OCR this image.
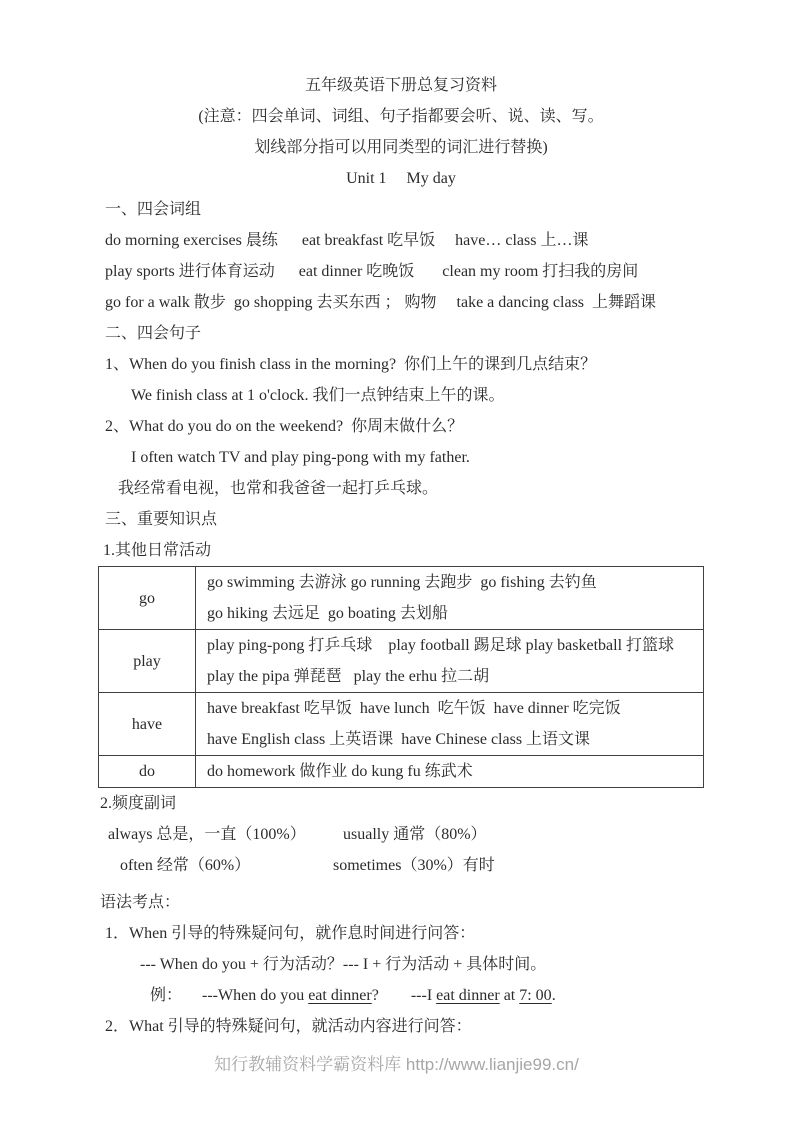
五年级英语下册总复习资料
(注意：四会单词、词组、句子指都要会听、说、读、写。
划线部分指可以用同类型的词汇进行替换)
Unit 1　 My day
一、四会词组
do morning exercises 晨练      eat breakfast 吃早饭     have… class 上…课
play sports 进行体育运动      eat dinner 吃晚饭       clean my room 打扫我的房间
go for a walk 散步  go shopping 去买东西 ； 购物     take a dancing class  上舞蹈课
二、四会句子
1、When do you finish class in the morning?  你们上午的课到几点结束？
We finish class at 1 o'clock. 我们一点钟结束上午的课。
2、What do you do on the weekend?  你周末做什么？
I often watch TV and play ping-pong with my father.
我经常看电视，也常和我爸爸一起打乒乓球。
三、重要知识点
1.其他日常活动
go	go swimming 去游泳 go running 去跑步  go fishing 去钓鱼
go hiking 去远足  go boating 去划船

play	play ping-pong 打乒乓球    play football 踢足球 play basketball 打篮球
play the pipa 弹琵琶   play the erhu 拉二胡

have	have breakfast 吃早饭  have lunch  吃午饭  have dinner 吃完饭
have English class 上英语课  have Chinese class 上语文课

do	do homework 做作业 do kung fu 练武术
2.频度副词
always 总是，一直（100%） usually 通常（80%）
often 经常（60%）	sometimes（30%）有时
语法考点：
1．When 引导的特殊疑问句，就作息时间进行问答：
--- When do you + 行为活动？--- I + 行为活动 + 具体时间。
例：     ---When do you eat dinner?        ---I eat dinner at 7: 00.
2．What 引导的特殊疑问句，就活动内容进行问答：
知行教辅资料学霸资料库 http://www.lianjie99.cn/
